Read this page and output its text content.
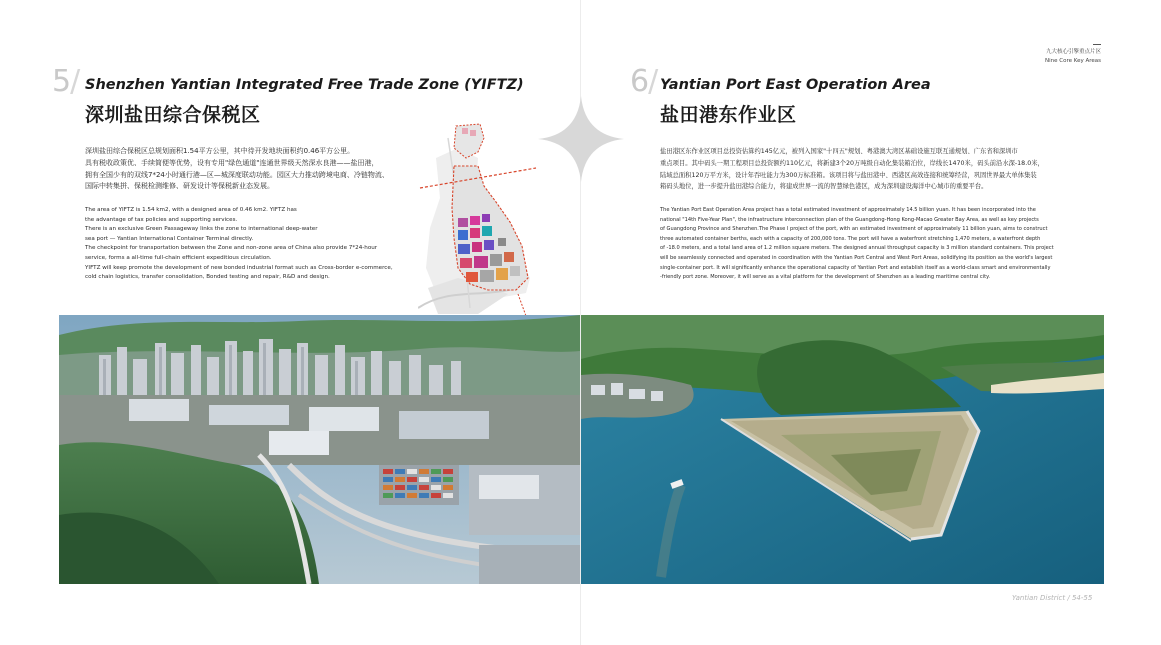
5/ Shenzhen Yantian Integrated Free Trade Zone (YIFTZ)
深圳盐田综合保税区
深圳盐田综合保税区总规划面积1.54平方公里，其中待开发地块面积约0.46平方公里。
具有税收政策优、手续简便等优势，设有专用"绿色通道"连通世界级天然深水良港——盐田港，
拥有全国少有的双线7*24小时通行港—区—城深度联动功能。园区大力推动跨境电商、冷链物流、
国际中转集拼、保税检测维修、研发设计等保税新业态发展。
The area of YIFTZ is 1.54 km2, with a designed area of 0.46 km2. YIFTZ has
the advantage of tax policies and supporting services.
There is an exclusive Green Passageway links the zone to international deep-water
sea port — Yantian International Container Terminal directly.
The checkpoint for transportation between the Zone and non-zone area of China also provide 7*24-hour
service, forms a all-time full-chain efficient expeditious circulation.
YIFTZ will keep promote the development of new bonded industrial format such as Cross-border e-commerce,
cold chain logistics, transfer consolidation, Bonded testing and repair, R&D and design.
九大核心引擎重点片区
Nine Core Key Areas
6/ Yantian Port East Operation Area
盐田港东作业区
盐田港区东作业区项目总投资估算约145亿元，被列入国家"十四五"规划、粤港澳大湾区基础设施互联互通规划、广东省和深圳市
重点项目。其中码头一期工程项目总投资额约110亿元，将新建3个20万吨级自动化集装箱泊位，岸线长1470米，码头前沿水深-18.0米，
陆域总面积120万平方米，设计年吞吐能力为300万标准箱。该项目将与盐田港中、西港区高效连接和统筹经营，巩固世界最大单体集装
箱码头地位，进一步提升盐田港综合能力，将建成世界一流的智慧绿色港区，成为深圳建设海洋中心城市的重要平台。
The Yantian Port East Operation Area project has a total estimated investment of approximately 14.5 billion yuan. It has been incorporated into the
national "14th Five-Year Plan", the infrastructure interconnection plan of the Guangdong-Hong Kong-Macao Greater Bay Area, as well as key projects
of Guangdong Province and Shenzhen.The Phase I project of the port, with an estimated investment of approximately 11 billion yuan, aims to construct
three automated container berths, each with a capacity of 200,000 tons. The port will have a waterfront stretching 1,470 meters, a waterfront depth
of -18.0 meters, and a total land area of 1.2 million square meters. The designed annual throughput capacity is 3 million standard containers. This project
will be seamlessly connected and operated in coordination with the Yantian Port Central and West Port Areas, solidifying its position as the world's largest
single-container port. It will significantly enhance the operational capacity of Yantian Port and establish itself as a world-class smart and environmentally
-friendly port zone. Moreover, it will serve as a vital platform for the development of Shenzhen as a leading maritime central city.
Yantian District / 54-55
